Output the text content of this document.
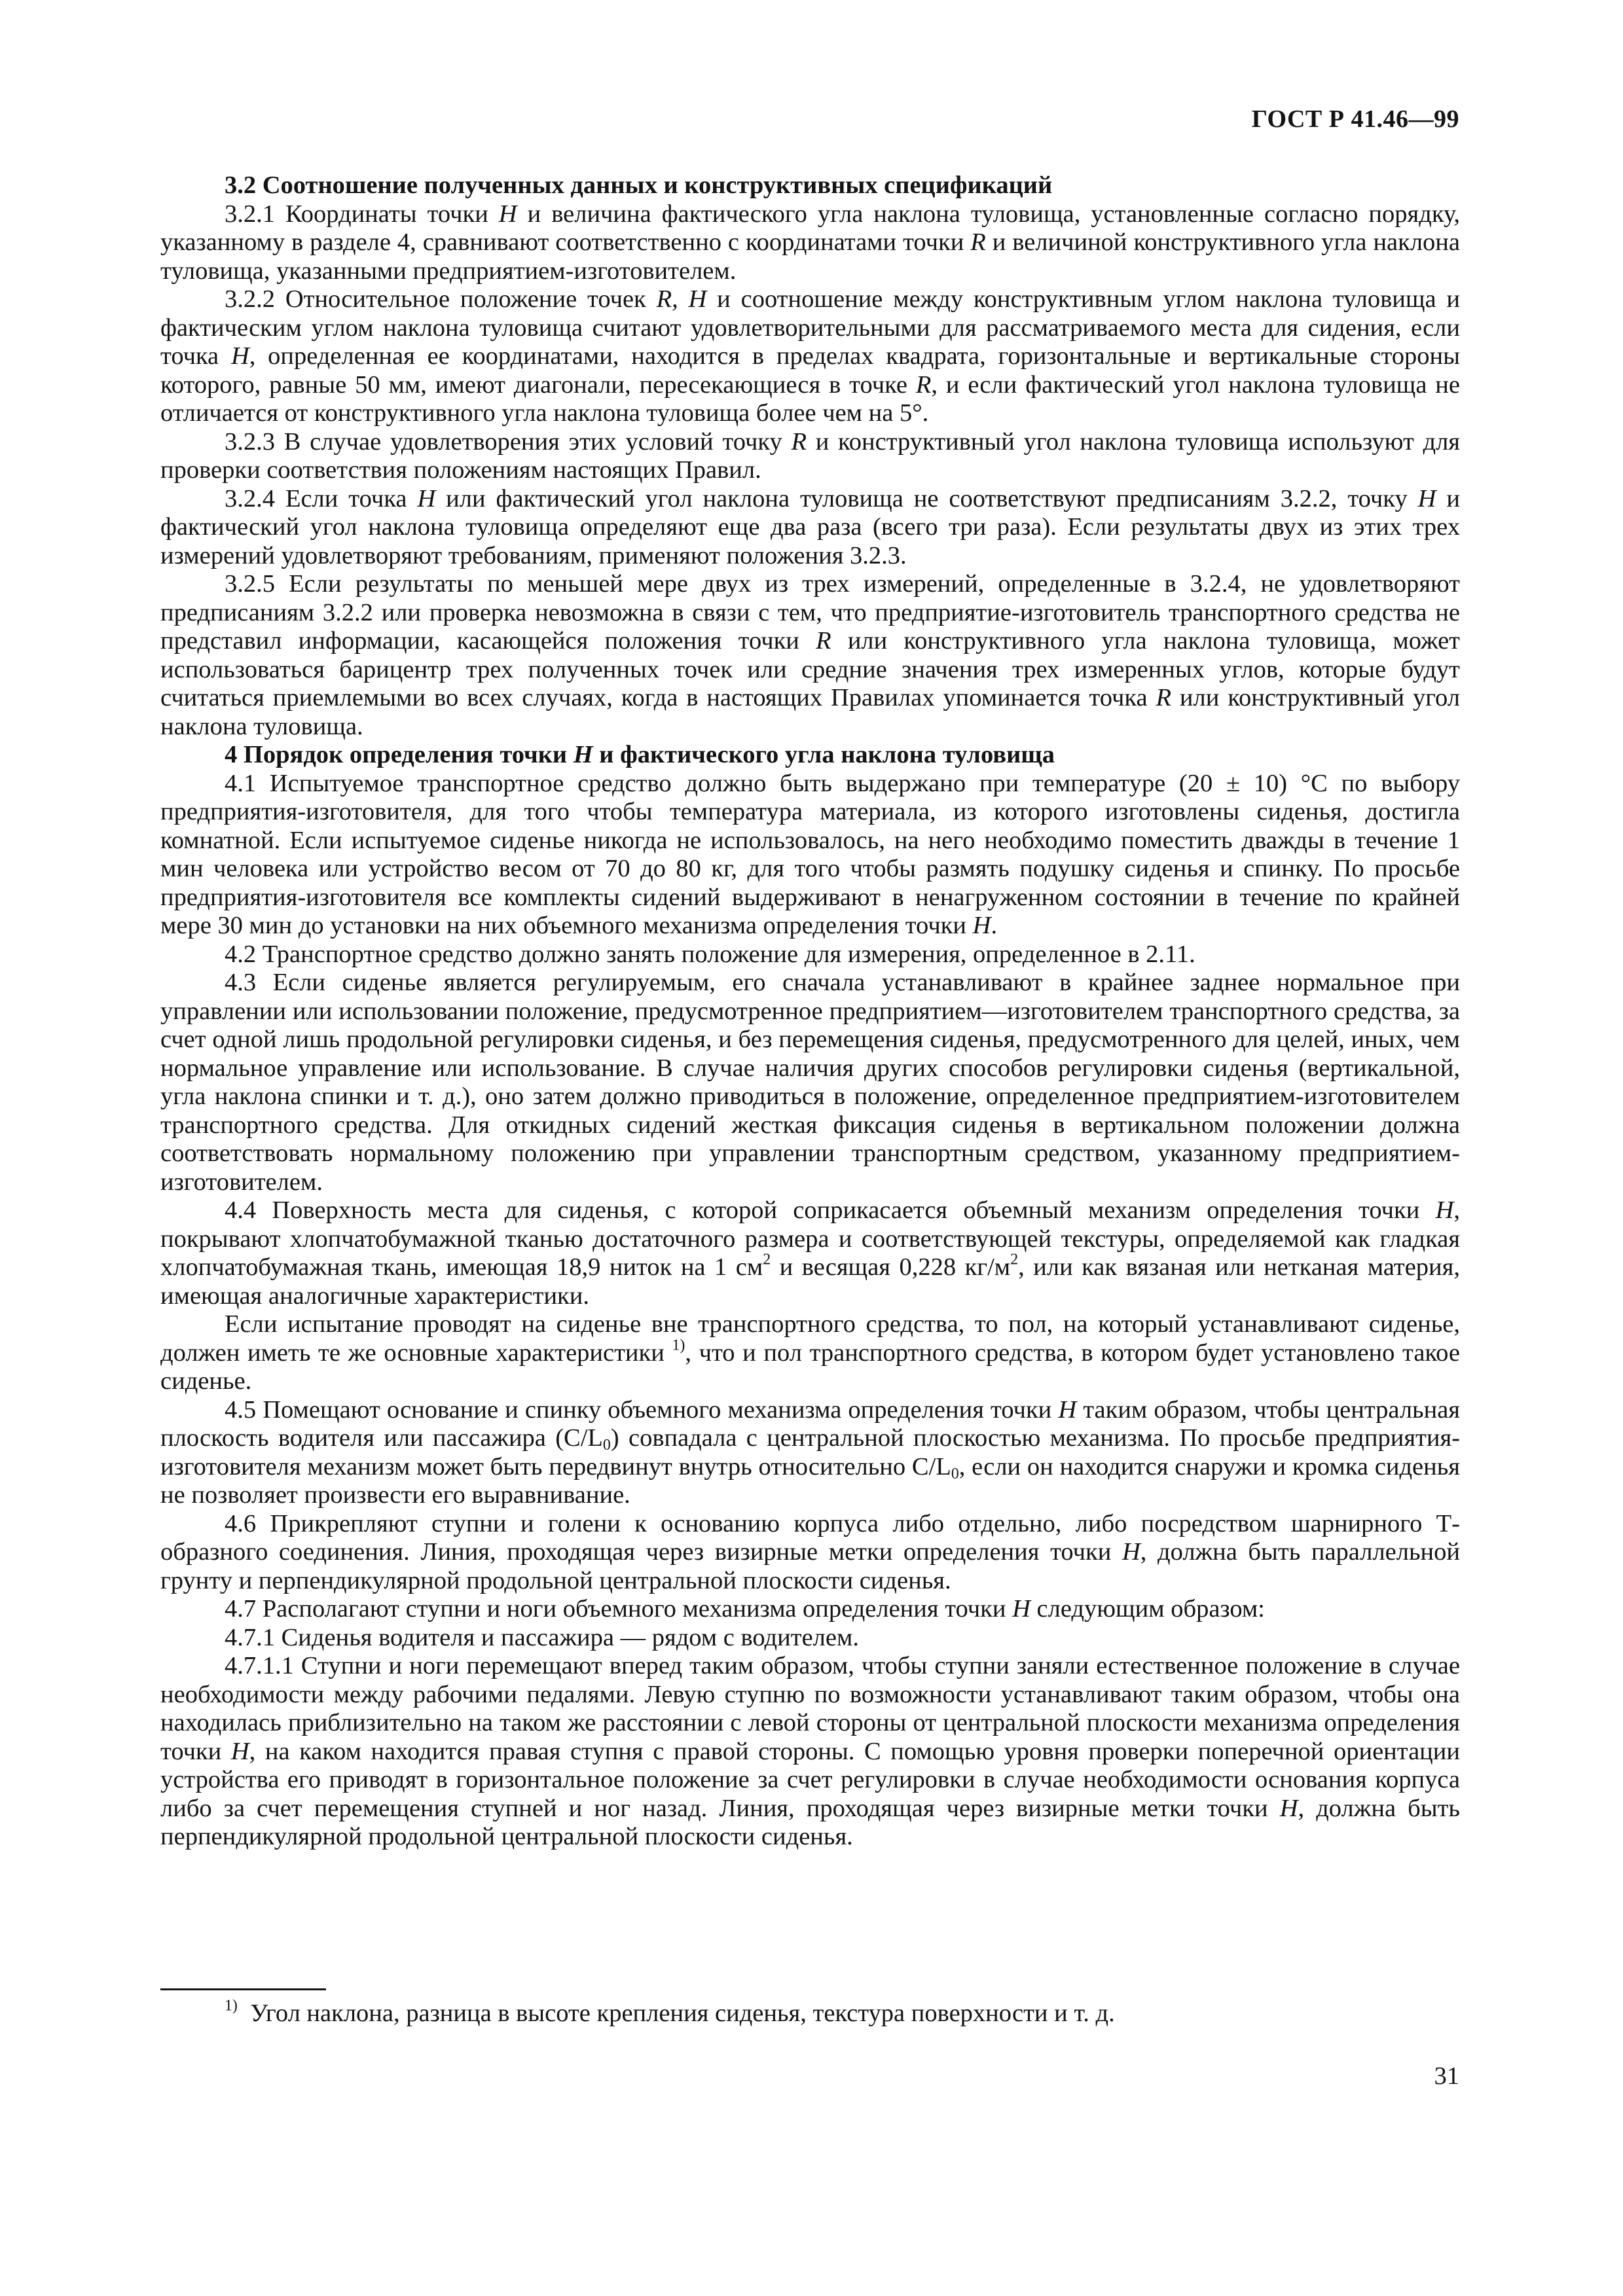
ГОСТ Р 41.46—99

3.2 Соотношение полученных данных и конструктивных спецификаций

3.2.1 Координаты точки H и величина фактического угла наклона туловища, установленные согласно порядку, указанному в разделе 4, сравнивают соответственно с координатами точки R и величиной конструктивного угла наклона туловища, указанными предприятием-изготовителем.

3.2.2 Относительное положение точек R, H и соотношение между конструктивным углом наклона туловища и фактическим углом наклона туловища считают удовлетворительными для рассматриваемого места для сидения, если точка H, определенная ее координатами, находится в пределах квадрата, горизонтальные и вертикальные стороны которого, равные 50 мм, имеют диагонали, пересекающиеся в точке R, и если фактический угол наклона туловища не отличается от конструктивного угла наклона туловища более чем на 5°.

3.2.3 В случае удовлетворения этих условий точку R и конструктивный угол наклона туловища используют для проверки соответствия положениям настоящих Правил.

3.2.4 Если точка H или фактический угол наклона туловища не соответствуют предписаниям 3.2.2, точку H и фактический угол наклона туловища определяют еще два раза (всего три раза). Если результаты двух из этих трех измерений удовлетворяют требованиям, применяют положения 3.2.3.

3.2.5 Если результаты по меньшей мере двух из трех измерений, определенные в 3.2.4, не удовлетворяют предписаниям 3.2.2 или проверка невозможна в связи с тем, что предприятие-изготовитель транспортного средства не представил информации, касающейся положения точки R или конструктивного угла наклона туловища, может использоваться барицентр трех полученных точек или средние значения трех измеренных углов, которые будут считаться приемлемыми во всех случаях, когда в настоящих Правилах упоминается точка R или конструктивный угол наклона туловища.

4 Порядок определения точки H и фактического угла наклона туловища

4.1 Испытуемое транспортное средство должно быть выдержано при температуре (20 ± 10) °С по выбору предприятия-изготовителя, для того чтобы температура материала, из которого изготовлены сиденья, достигла комнатной. Если испытуемое сиденье никогда не использовалось, на него необходимо поместить дважды в течение 1 мин человека или устройство весом от 70 до 80 кг, для того чтобы размять подушку сиденья и спинку. По просьбе предприятия-изготовителя все комплекты сидений выдерживают в ненагруженном состоянии в течение по крайней мере 30 мин до установки на них объемного механизма определения точки H.

4.2 Транспортное средство должно занять положение для измерения, определенное в 2.11.

4.3 Если сиденье является регулируемым, его сначала устанавливают в крайнее заднее нормальное при управлении или использовании положение, предусмотренное предприятием—изготовителем транспортного средства, за счет одной лишь продольной регулировки сиденья, и без перемещения сиденья, предусмотренного для целей, иных, чем нормальное управление или использование. В случае наличия других способов регулировки сиденья (вертикальной, угла наклона спинки и т. д.), оно затем должно приводиться в положение, определенное предприятием-изготовителем транспортного средства. Для откидных сидений жесткая фиксация сиденья в вертикальном положении должна соответствовать нормальному положению при управлении транспортным средством, указанному предприятием-изготовителем.

4.4 Поверхность места для сиденья, с которой соприкасается объемный механизм определения точки H, покрывают хлопчатобумажной тканью достаточного размера и соответствующей текстуры, определяемой как гладкая хлопчатобумажная ткань, имеющая 18,9 ниток на 1 $см^2$ и весящая 0,228 $кг/м^2$, или как вязаная или нетканая материя, имеющая аналогичные характеристики.

Если испытание проводят на сиденье вне транспортного средства, то пол, на который устанавливают сиденье, должен иметь те же основные характеристики $^{1)}$, что и пол транспортного средства, в котором будет установлено такое сиденье.

4.5 Помещают основание и спинку объемного механизма определения точки H таким образом, чтобы центральная плоскость водителя или пассажира $(C/L_0)$ совпадала с центральной плоскостью механизма. По просьбе предприятия-изготовителя механизм может быть передвинут внутрь относительно $C/L_0$, если он находится снаружи и кромка сиденья не позволяет произвести его выравнивание.

4.6 Прикрепляют ступни и голени к основанию корпуса либо отдельно, либо посредством шарнирного Т-образного соединения. Линия, проходящая через визирные метки определения точки H, должна быть параллельной грунту и перпендикулярной продольной центральной плоскости сиденья.

4.7 Располагают ступни и ноги объемного механизма определения точки H следующим образом:

4.7.1 Сиденья водителя и пассажира — рядом с водителем.

4.7.1.1 Ступни и ноги перемещают вперед таким образом, чтобы ступни заняли естественное положение в случае необходимости между рабочими педалями. Левую ступню по возможности устанавливают таким образом, чтобы она находилась приблизительно на таком же расстоянии с левой стороны от центральной плоскости механизма определения точки H, на каком находится правая ступня с правой стороны. С помощью уровня проверки поперечной ориентации устройства его приводят в горизонтальное положение за счет регулировки в случае необходимости основания корпуса либо за счет перемещения ступней и ног назад. Линия, проходящая через визирные метки точки H, должна быть перпендикулярной продольной центральной плоскости сиденья.

$^{1)}$ Угол наклона, разница в высоте крепления сиденья, текстура поверхности и т. д.
31
